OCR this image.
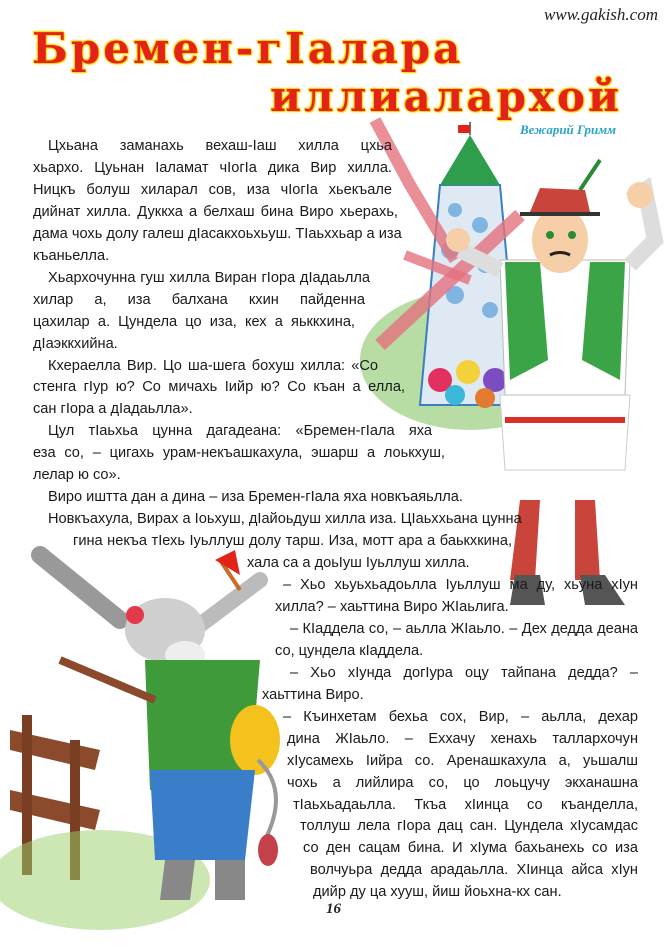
www.gakish.com
Бремен-гIалара
иллиалархой
Вежарий Гримм
Цхьана заманахь вехаш-Iаш хилла цхьа
хьархо. Цуьнан Iаламат чIогIа дика Вир хилла.
Ницкъ болуш хиларал сов, иза чIогIа хьекъале
дийнат хилла. Дуккха а белхаш бина Виро хьерахь,
дама чохь долу галеш дIасакхоьхьуш. ТIаьххьар а иза
къаньелла.
Хьархочунна гуш хилла Виран гIора дIадаьлла
хилар а, иза балхана кхин пайденна
цахилар а. Цундела цо иза, кех а яьккхина,
дIаэккхийна.
Кхераелла Вир. Цо ша-шега бохуш хилла: «Со
стенга гIур ю? Со мичахь Iийр ю? Со къан а елла,
сан гIора а дIадаьлла».
Цул тIаьхьа цунна дагадеана: «Бремен-гIала яха
еза со, – цигахь урам-некъашкахула, эшарш а лоькхуш,
лелар ю со».
Виро иштта дан а дина – иза Бремен-гIала яха новкъаяьлла.
Новкъахула, Вирах а Iоьхуш, дIайоьдуш хилла иза. ЦIаьххьана цунна
гина некъа тIехь Iуьллуш долу тарш. Иза, мотт ара а баькхкина,
хала са а доьIуш Iуьллуш хилла.
– Хьо хьуьхьадоьлла Iуьллуш ма ду, хьуна хIун
хилла? – хаьттина Виро ЖIаьлига.
– КIаддела со, – аьлла ЖIаьло. – Дех дедда деана
со, цундела кIаддела.
– Хьо хIунда догIура оцу тайпана дедда? –
хаьттина Виро.
– Къинхетам бехьа сох, Вир, – аьлла, дехар
дина ЖIаьло. – Еххачу хенахь таллархочун
хIусамехь Iийра со. Аренашкахула а, уьшалш
чохь а лийлира со, цо лоьцучу экханашна
тIаьхьадаьлла. Ткъа хIинца со къанделла,
толлуш лела гIора дац сан. Цундела хIусамдас
со ден сацам бина. И хIума бахьанехь со иза
волчуьра дедда арадаьлла. ХIинца айса хIун
дийр ду ца хууш, йиш йоьхна-кх сан.
16
